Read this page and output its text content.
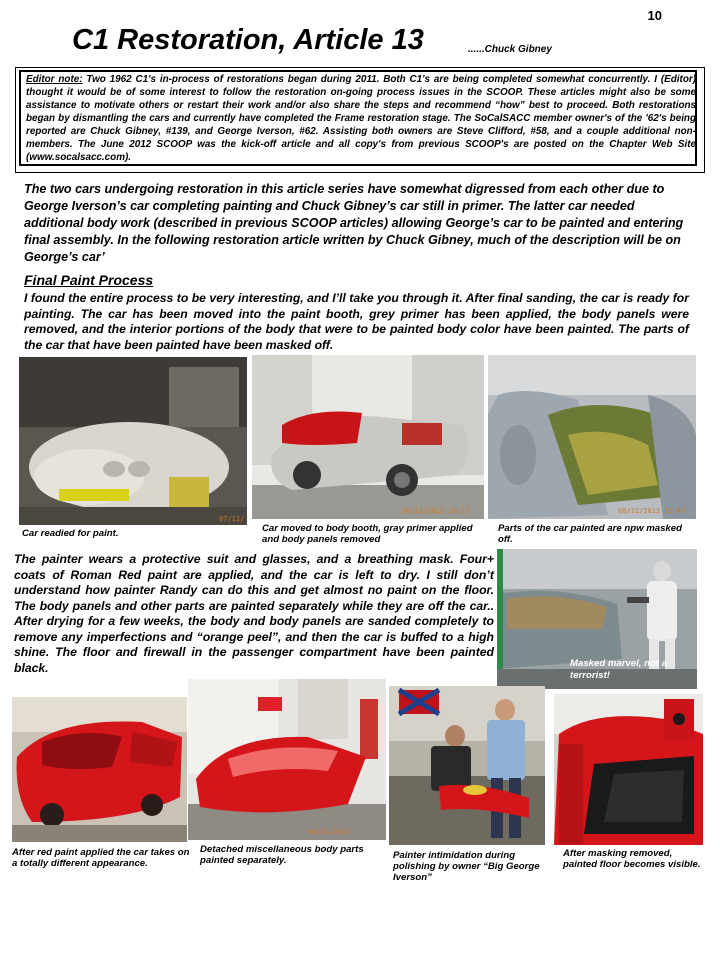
10
C1 Restoration, Article 13	......Chuck Gibney
Editor note: Two 1962 C1's in-process of restorations began during 2011. Both C1's are being completed somewhat concurrently. I (Editor) thought it would be of some interest to follow the restoration on-going process issues in the SCOOP. These articles might also be some assistance to motivate others or restart their work and/or also share the steps and recommend “how” best to proceed. Both restorations began by dismantling the cars and currently have completed the Frame restoration stage. The SoCalSACC member owner's of the '62's being reported are Chuck Gibney, #139, and George Iverson, #62. Assisting both owners are Steve Clifford, #58, and a couple additional non-members. The June 2012 SCOOP was the kick-off article and all copy's from previous SCOOP's are posted on the Chapter Web Site (www.socalsacc.com).
The two cars undergoing restoration in this article series have somewhat digressed from each other due to George Iverson’s car completing painting and Chuck Gibney’s car still in primer. The latter car needed additional body work (described in previous SCOOP articles) allowing George’s car to be painted and entering final assembly. In the following restoration article written by Chuck Gibney, much of the description will be on George’s car’
Final Paint Process
I found the entire process to be very interesting, and I’ll take you through it. After final sanding, the car is ready for painting. The car has been moved into the paint booth, grey primer has been applied, the body panels were removed, and the interior portions of the body that were to be painted body color have been painted. The parts of the car that have been painted have been masked off.
07/11/
Car readied for paint.
06/11/2013 10:17
Car moved to body booth, gray primer applied and body panels removed
06/11/2013 13:47
Parts of the car painted are npw masked off.
The painter wears a protective suit and glasses, and a breathing mask. Four+ coats of Roman Red paint are applied, and the car is left to dry. I still don’t understand how painter Randy can do this and get almost no paint on the floor. The body panels and other parts are painted separately while they are off the car.. After drying for a few weeks, the body and body panels are sanded completely to remove any imperfections and “orange peel”, and then the car is buffed to a high shine. The floor and firewall in the passenger compartment have been painted black.	Masked marvel, not a terrorist!
After red paint applied the car takes on a totally different appearance.
06/11/2013
Detached miscellaneous body parts painted separately.	Painter intimidation during polishing by owner “Big George Iverson”
After masking removed, painted floor becomes visible.
